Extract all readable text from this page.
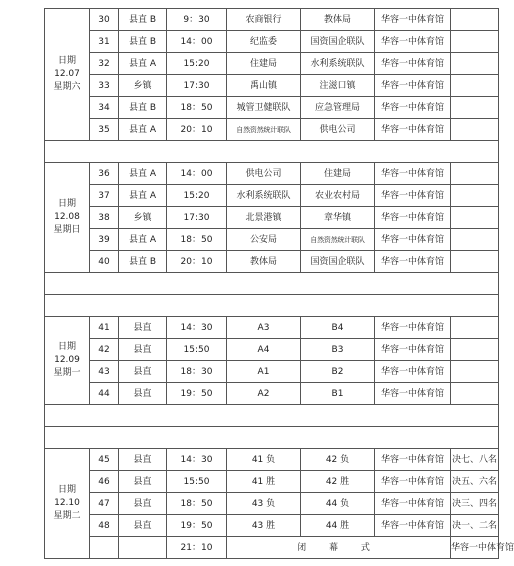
日期
12.07
星期六	30	县直 B	9：30	农商银行	教体局	华容一中体育馆		
	31	县直 B	14：00	纪监委	国资国企联队	华容一中体育馆		
	32	县直 A	15:20	住建局	水利系统联队	华容一中体育馆		
	33	乡镇	17:30	禹山镇	注滋口镇	华容一中体育馆		
	34	县直 B	18：50	城管卫健联队	应急管理局	华容一中体育馆		
	35	县直 A	20：10	自然资然统计联队	供电公司	华容一中体育馆		

日期
12.08
星期日	36	县直 A	14：00	供电公司	住建局	华容一中体育馆		
	37	县直 A	15:20	水利系统联队	农业农村局	华容一中体育馆		
	38	乡镇	17:30	北景港镇	章华镇	华容一中体育馆		
	39	县直 A	18：50	公安局	自然资然统计联队	华容一中体育馆		
	40	县直 B	20：10	教体局	国资国企联队	华容一中体育馆		

日期
12.09
星期一	41	县直	14：30	A3	B4	华容一中体育馆		
	42	县直	15:50	A4	B3	华容一中体育馆		
	43	县直	18：30	A1	B2	华容一中体育馆		
	44	县直	19：50	A2	B1	华容一中体育馆		

日期
12.10
星期二	45	县直	14：30	41 负	42 负	华容一中体育馆	决七、八名	
	46	县直	15:50	41 胜	42 胜	华容一中体育馆	决五、六名	
	47	县直	18：50	43 负	44 负	华容一中体育馆	决三、四名	
	48	县直	19：50	43 胜	44 胜	华容一中体育馆	决一、二名	
			21：10	闭 幕 式			华容一中体育馆	
